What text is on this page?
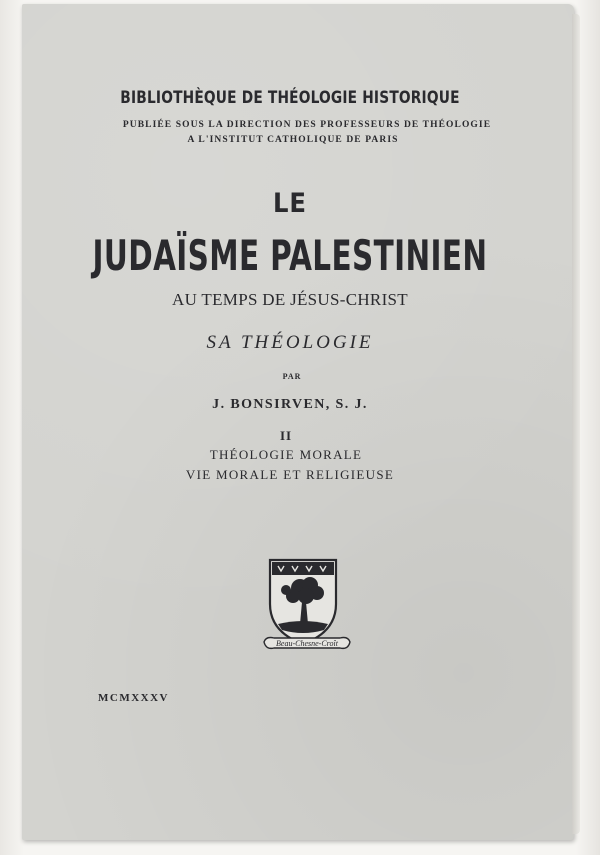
BIBLIOTHÈQUE DE THÉOLOGIE HISTORIQUE
PUBLIÉE SOUS LA DIRECTION DES PROFESSEURS DE THÉOLOGIE
A L'INSTITUT CATHOLIQUE DE PARIS
LE
JUDAÏSME PALESTINIEN
AU TEMPS DE JÉSUS-CHRIST
SA THÉOLOGIE
PAR
J. BONSIRVEN, S. J.
II
THÉOLOGIE MORALE
VIE MORALE ET RELIGIEUSE
Beau-Chesne-Croît
MCMXXXV
